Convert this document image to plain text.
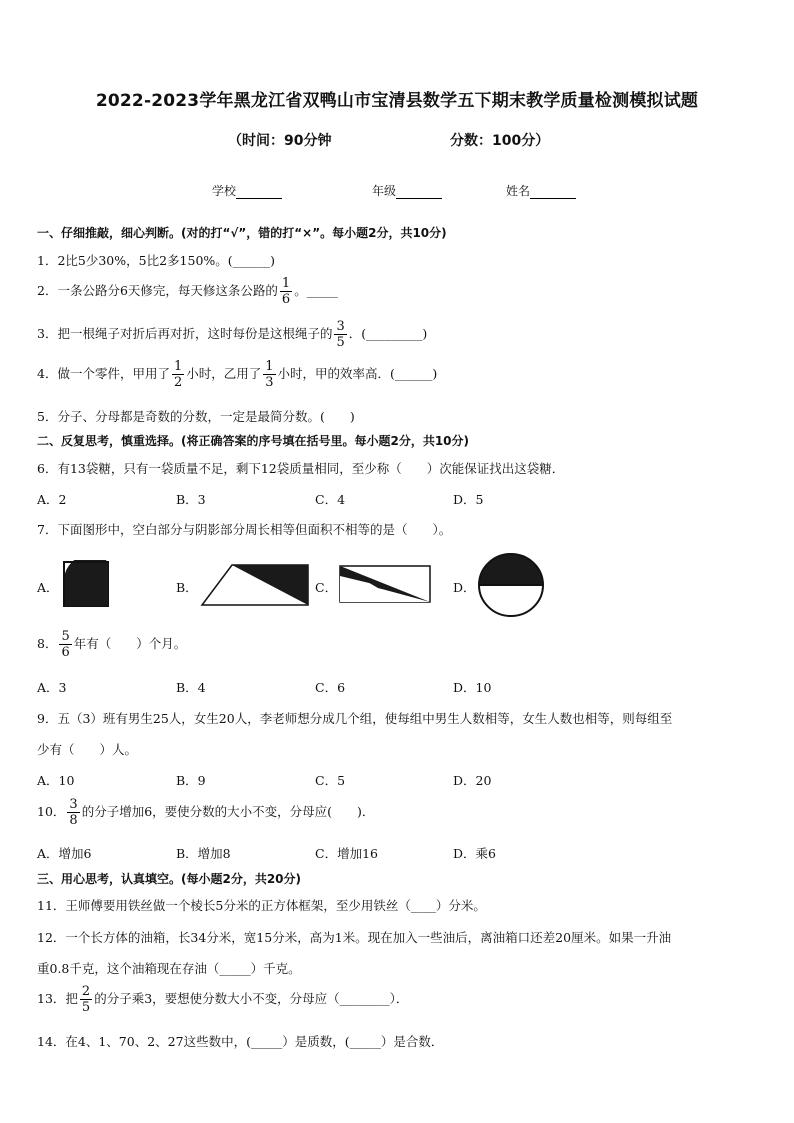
2022-2023学年黑龙江省双鸭山市宝清县数学五下期末教学质量检测模拟试题
（时间：90分钟	分数：100分）
学校	年级	姓名
一、仔细推敲，细心判断。(对的打“√”，错的打“×”。每小题2分，共10分)
1．2比5少30%，5比2多150%。(______)
2．一条公路分6天修完，每天修这条公路的 $\frac{1}{6}$ 。_____
3．把一根绳子对折后再对折，这时每份是这根绳子的 $\frac{3}{5}$ ．(_________)
4．做一个零件，甲用了 $\frac{1}{2}$ 小时，乙用了 $\frac{1}{3}$ 小时，甲的效率高．(______)
5．分子、分母都是奇数的分数，一定是最简分数。(　　)
二、反复思考，慎重选择。(将正确答案的序号填在括号里。每小题2分，共10分)
6．有13袋糖，只有一袋质量不足，剩下12袋质量相同，至少称（　　）次能保证找出这袋糖．
A．2	B．3	C．4	D．5
7．下面图形中，空白部分与阴影部分周长相等但面积不相等的是（　　）。
A．	B．	C．	D．
8． $\frac{5}{6}$ 年有（　　）个月。
A．3	B．4	C．6	D．10
9．五（3）班有男生25人，女生20人，李老师想分成几个组，使每组中男生人数相等，女生人数也相等，则每组至
少有（　　）人。
A．10	B．9	C．5	D．20
10． $\frac{3}{8}$ 的分子增加6，要使分数的大小不变，分母应(　　)．
A．增加6	B．增加8	C．增加16	D．乘6
三、用心思考，认真填空。(每小题2分，共20分)
11．王师傅要用铁丝做一个棱长5分米的正方体框架，至少用铁丝（____）分米。
12．一个长方体的油箱，长34分米，宽15分米，高为1米。现在加入一些油后，离油箱口还差20厘米。如果一升油
重0.8千克，这个油箱现在存油（_____）千克。
13．把 $\frac{2}{5}$ 的分子乘3，要想使分数大小不变，分母应（________）．
14．在4、1、70、2、27这些数中，(_____）是质数，(_____）是合数．
